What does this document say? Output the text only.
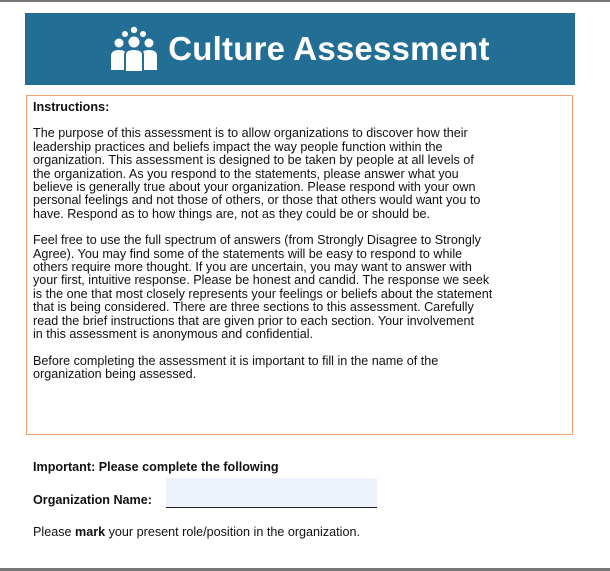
Culture Assessment
Instructions:

The purpose of this assessment is to allow organizations to discover how their
leadership practices and beliefs impact the way people function within the
organization. This assessment is designed to be taken by people at all levels of
the organization. As you respond to the statements, please answer what you
believe is generally true about your organization. Please respond with your own
personal feelings and not those of others, or those that others would want you to
have. Respond as to how things are, not as they could be or should be.

Feel free to use the full spectrum of answers (from Strongly Disagree to Strongly
Agree). You may find some of the statements will be easy to respond to while
others require more thought. If you are uncertain, you may want to answer with
your first, intuitive response. Please be honest and candid. The response we seek
is the one that most closely represents your feelings or beliefs about the statement
that is being considered. There are three sections to this assessment. Carefully
read the brief instructions that are given prior to each section. Your involvement
in this assessment is anonymous and confidential.

Before completing the assessment it is important to fill in the name of the
organization being assessed.

Important: Please complete the following
Organization Name:
Please mark your present role/position in the organization.
